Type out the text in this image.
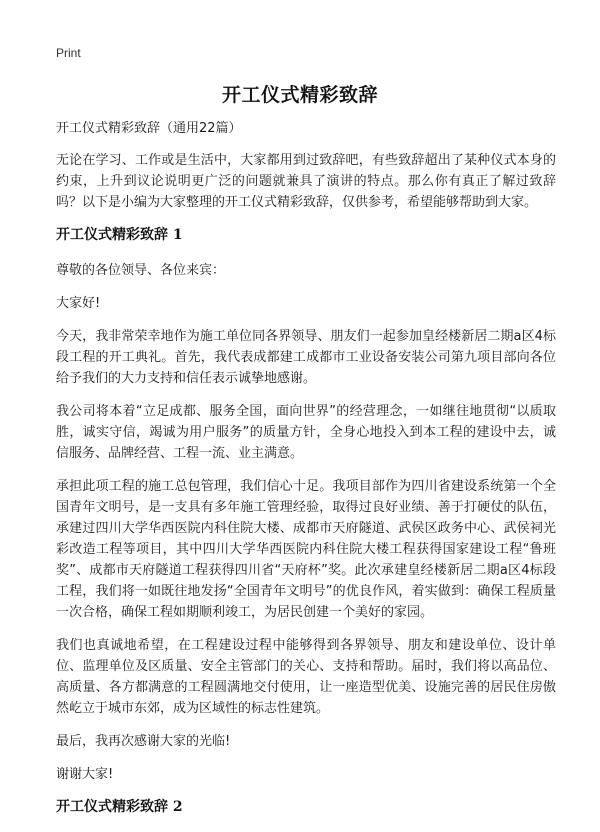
Print
开工仪式精彩致辞

开工仪式精彩致辞（通用22篇）

无论在学习、工作或是生活中，大家都用到过致辞吧，有些致辞超出了某种仪式本身的约束，上升到议论说明更广泛的问题就兼具了演讲的特点。那么你有真正了解过致辞吗？以下是小编为大家整理的开工仪式精彩致辞，仅供参考，希望能够帮助到大家。

开工仪式精彩致辞 1

尊敬的各位领导、各位来宾：

大家好!

今天，我非常荣幸地作为施工单位同各界领导、朋友们一起参加皇经楼新居二期a区4标段工程的开工典礼。首先，我代表成都建工成都市工业设备安装公司第九项目部向各位给予我们的大力支持和信任表示诚挚地感谢。

我公司将本着“立足成都、服务全国，面向世界”的经营理念，一如继往地贯彻“以质取胜，诚实守信，竭诚为用户服务”的质量方针，全身心地投入到本工程的建设中去，诚信服务、品牌经营、工程一流、业主满意。

承担此项工程的施工总包管理，我们信心十足。我项目部作为四川省建设系统第一个全国青年文明号，是一支具有多年施工管理经验，取得过良好业绩、善于打硬仗的队伍，承建过四川大学华西医院内科住院大楼、成都市天府隧道、武侯区政务中心、武侯祠光彩改造工程等项目，其中四川大学华西医院内科住院大楼工程获得国家建设工程“鲁班奖”、成都市天府隧道工程获得四川省“天府杯”奖。此次承建皇经楼新居二期a区4标段工程，我们将一如既往地发扬“全国青年文明号”的优良作风，着实做到：确保工程质量一次合格，确保工程如期顺利竣工，为居民创建一个美好的家园。

我们也真诚地希望，在工程建设过程中能够得到各界领导、朋友和建设单位、设计单位、监理单位及区质量、安全主管部门的关心、支持和帮助。届时，我们将以高品位、高质量、各方都满意的工程圆满地交付使用，让一座造型优美、设施完善的居民住房傲然屹立于城市东郊，成为区域性的标志性建筑。

最后，我再次感谢大家的光临!

谢谢大家!

开工仪式精彩致辞 2
